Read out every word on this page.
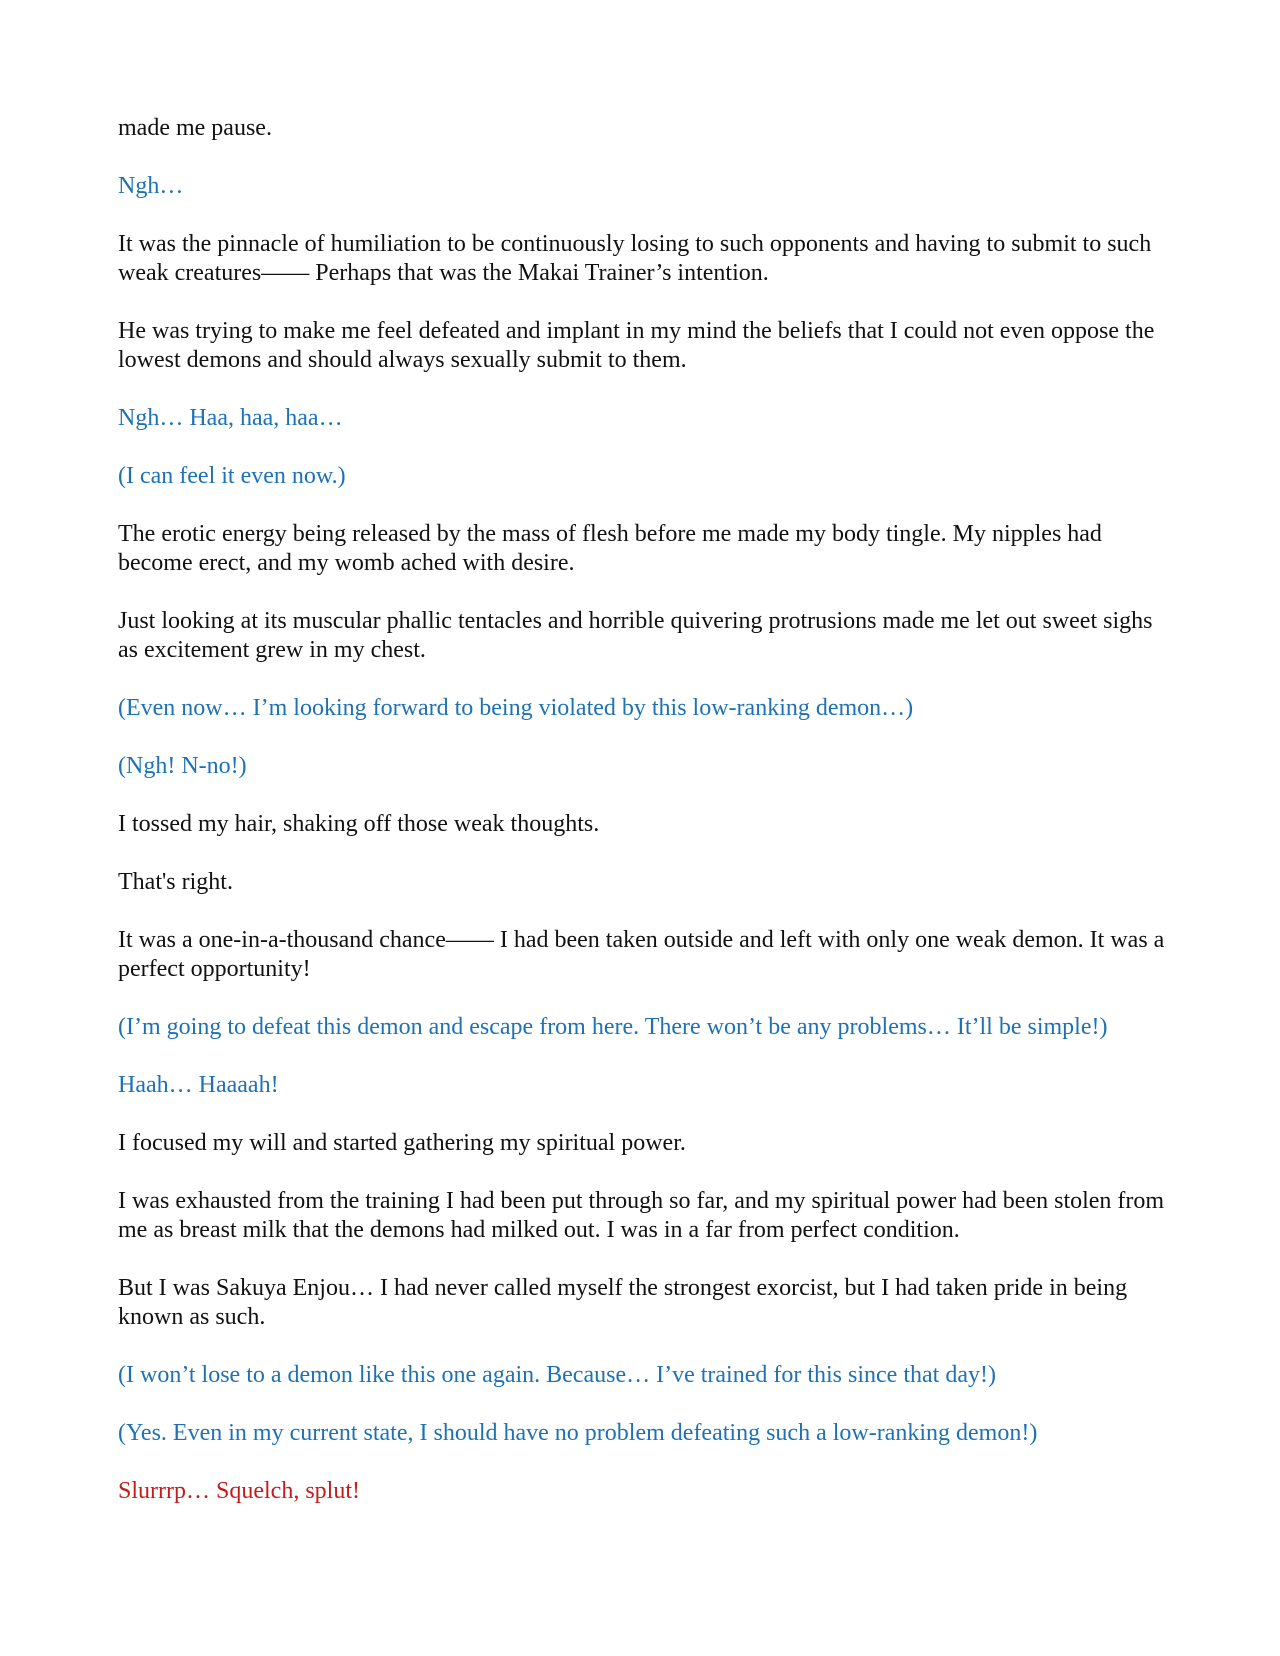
made me pause.

Ngh…

It was the pinnacle of humiliation to be continuously losing to such opponents and having to submit to such weak creatures—— Perhaps that was the Makai Trainer’s intention.

He was trying to make me feel defeated and implant in my mind the beliefs that I could not even oppose the lowest demons and should always sexually submit to them.

Ngh… Haa, haa, haa…

(I can feel it even now.)

The erotic energy being released by the mass of flesh before me made my body tingle. My nipples had become erect, and my womb ached with desire.

Just looking at its muscular phallic tentacles and horrible quivering protrusions made me let out sweet sighs as excitement grew in my chest.

(Even now… I’m looking forward to being violated by this low-ranking demon…)

(Ngh! N-no!)

I tossed my hair, shaking off those weak thoughts.

That's right.

It was a one-in-a-thousand chance—— I had been taken outside and left with only one weak demon. It was a perfect opportunity!

(I’m going to defeat this demon and escape from here. There won’t be any problems… It’ll be simple!)

Haah… Haaaah!

I focused my will and started gathering my spiritual power.

I was exhausted from the training I had been put through so far, and my spiritual power had been stolen from me as breast milk that the demons had milked out. I was in a far from perfect condition.

But I was Sakuya Enjou… I had never called myself the strongest exorcist, but I had taken pride in being known as such.

(I won’t lose to a demon like this one again. Because… I’ve trained for this since that day!)

(Yes. Even in my current state, I should have no problem defeating such a low-ranking demon!)

Slurrrp… Squelch, splut!
